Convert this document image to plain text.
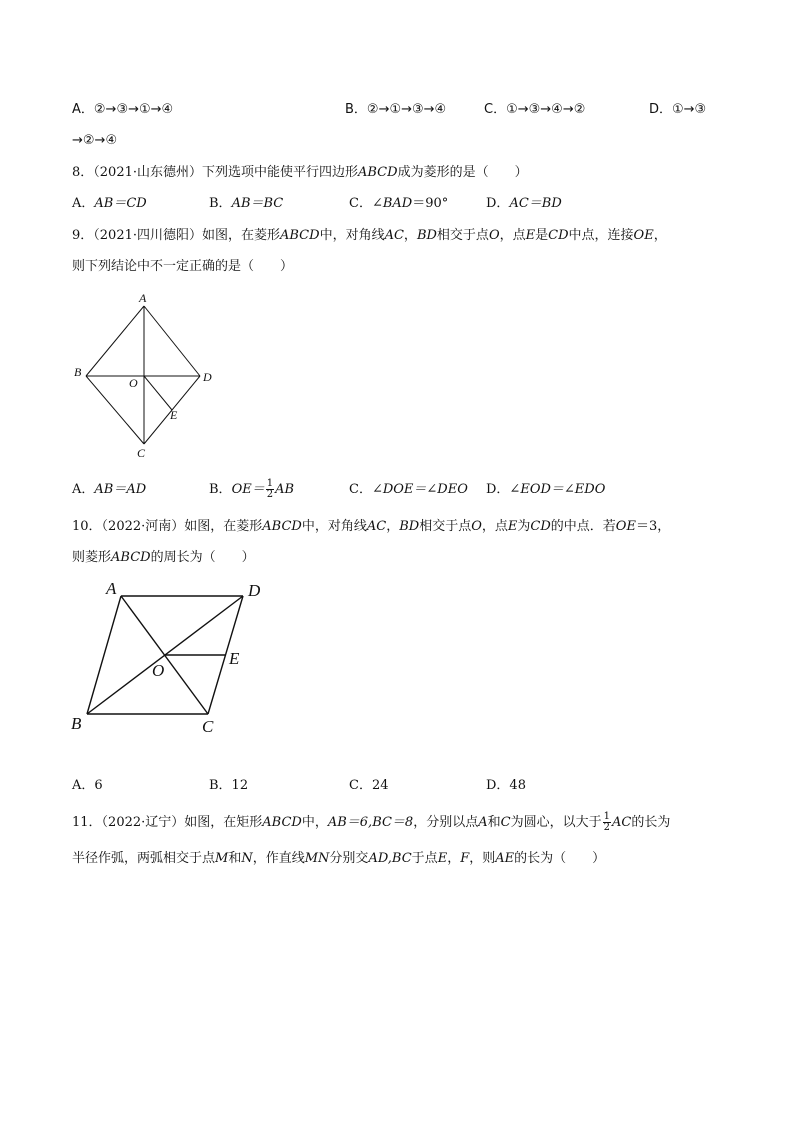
A．②→③→①→④	B．②→①→③→④	C．①→③→④→②	D．①→③
→②→④
8．（2021·山东德州）下列选项中能使平行四边形ABCD成为菱形的是（　　）
A．AB＝CD	B．AB＝BC	C．∠BAD＝90°	D．AC＝BD
9．（2021·四川德阳）如图，在菱形ABCD中，对角线AC，BD相交于点O，点E是CD中点，连接OE，
则下列结论中不一定正确的是（　　）
A
B	D
O
E
C
A．AB＝AD	B．$OE= \frac{1}{2}$ AB	C．∠DOE＝∠DEO D．∠EOD＝∠EDO
10．（2022·河南）如图，在菱形ABCD中，对角线AC，BD相交于点O，点E为CD的中点．若OE＝3，
则菱形ABCD的周长为（　　）
A	D
E
O
B	C
A．6	B．12	C．24	D．48
11．（2022·辽宁）如图，在矩形ABCD中，AB＝6,BC＝8，分别以点A和C为圆心，以大于 $\frac{1}{2}$ AC的长为
半径作弧，两弧相交于点M和N，作直线MN分别交AD,BC于点E，F，则AE的长为（　　）
